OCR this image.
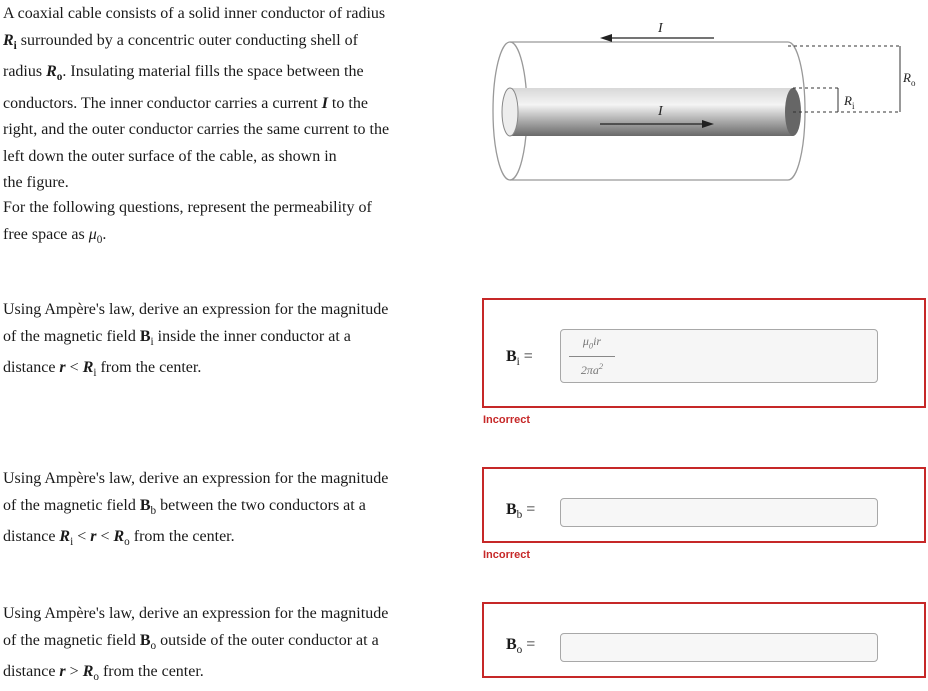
A coaxial cable consists of a solid inner conductor of radius
$R_i$ surrounded by a concentric outer conducting shell of
radius $R_o$. Insulating material fills the space between the
conductors. The inner conductor carries a current I to the
right, and the outer conductor carries the same current to the
left down the outer surface of the cable, as shown in
the figure.
For the following questions, represent the permeability of
free space as $\mu_0$.
I
I
$R_i$
$R_o$
Using Ampère's law, derive an expression for the magnitude
of the magnetic field $B_i$ inside the inner conductor at a
distance $r < R_i$ from the center.
$B_i$ =
$\mu_0ir$
$2\pi a^2$
Incorrect
Using Ampère's law, derive an expression for the magnitude
of the magnetic field $B_b$ between the two conductors at a
distance $R_i < r < R_o$ from the center.
$B_b$ =
Incorrect
Using Ampère's law, derive an expression for the magnitude
of the magnetic field $B_o$ outside of the outer conductor at a
distance $r > R_o$ from the center.
$B_o$ =
